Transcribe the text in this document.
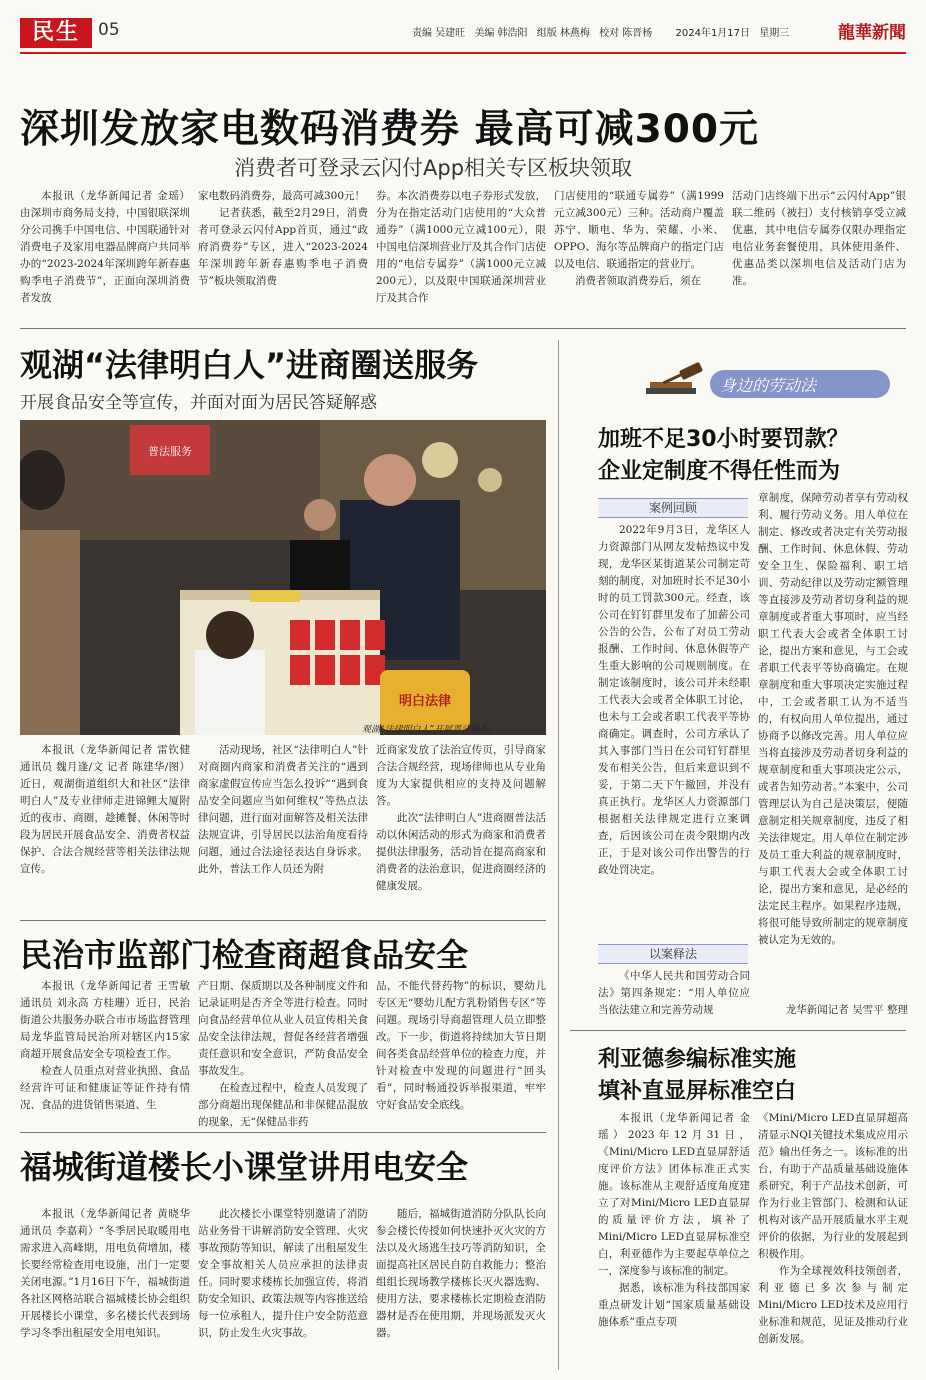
民生	05	责编 吴建旺 美编 韩浩阳 组版 林燕梅 校对 陈晋杨 2024年1月17日 星期三	龍華新聞
深圳发放家电数码消费券 最高可减300元
消费者可登录云闪付App相关专区板块领取

本报讯（龙华新闻记者 金瑶）由深圳市商务局支持，中国银联深圳分公司携手中国电信、中国联通针对消费电子及家用电器品牌商户共同举办的“2023-2024年深圳跨年新春惠购季电子消费节”，正面向深圳消费者发放

家电数码消费券，最高可减300元！

记者获悉，截至2月29日，消费者可登录云闪付App首页，通过“政府消费券”专区，进入“2023-2024年深圳跨年新春惠购季电子消费节”板块领取消费

券。本次消费券以电子券形式发放，分为在指定活动门店使用的“大众普通券”（满1000元立减100元），限中国电信深圳营业厅及其合作门店使用的“电信专属券”（满1000元立减200元），以及限中国联通深圳营业厅及其合作

门店使用的“联通专属券”（满1999元立减300元）三种。活动商户覆盖苏宁、顺电、华为、荣耀、小米、OPPO、海尔等品牌商户的指定门店以及电信、联通指定的营业厅。

消费者领取消费券后，须在

活动门店终端下出示“云闪付App”银联二维码（被扫）支付核销享受立减优惠，其中电信专属券仅限办理指定电信业务套餐使用，具体使用条件、优惠品类以深圳电信及活动门店为准。

观湖“法律明白人”进商圈送服务
开展食品安全等宣传，并面对面为居民答疑解惑
普法服务
明白法律
观湖“法律明白人”开展普法服务。

本报讯（龙华新闻记者 雷钦健 通讯员 魏月逢/文 记者 陈建华/图）近日，观湖街道组织大和社区“法律明白人”及专业律师走进锦鲤大厦附近的夜市、商圈，趁摊餐、休闲等时段为居民开展食品安全、消费者权益保护、合法合规经营等相关法律法规宣传。

活动现场，社区“法律明白人”针对商圈内商家和消费者关注的“遇到商家虚假宣传应当怎么投诉”“遇到食品安全问题应当如何维权”等热点法律问题，进行面对面解答及相关法律法规宣讲，引导居民以法治角度看待问题，通过合法途径表达自身诉求。此外，普法工作人员还为附

近商家发放了法治宣传页，引导商家合法合规经营，现场律师也从专业角度为大家提供相应的支持及问题解答。

此次“法律明白人”进商圈普法活动以休闲活动的形式为商家和消费者提供法律服务，活动旨在提高商家和消费者的法治意识，促进商圈经济的健康发展。

民治市监部门检查商超食品安全

本报讯（龙华新闻记者 王雪敏 通讯员 刘永高 方桂珊）近日，民治街道公共服务办联合市市场监督管理局龙华监管局民治所对辖区内15家商超开展食品安全专项检查工作。

检查人员重点对营业执照、食品经营许可证和健康证等证件持有情况、食品的进货销售渠道、生

产日期、保质期以及各种制度文件和记录证明是否齐全等进行检查。同时向食品经营单位从业人员宣传相关食品安全法律法规，督促各经营者增强责任意识和安全意识，严防食品安全事故发生。

在检查过程中，检查人员发现了部分商超出现保健品和非保健品混放的现象，无“保健品非药

品，不能代替药物”的标识，婴幼儿专区无“婴幼儿配方乳粉销售专区”等问题。现场引导商超管理人员立即整改。下一步，街道将持续加大节日期间各类食品经营单位的检查力度，并针对检查中发现的问题进行“回头看”，同时畅通投诉举报渠道，牢牢守好食品安全底线。

福城街道楼长小课堂讲用电安全

本报讯（龙华新闻记者 黄晓华 通讯员 李嘉莉）“冬季居民取暖用电需求进入高峰期，用电负荷增加，楼长要经常检查用电设施，出门一定要关闭电源。”1月16日下午，福城街道各社区网格站联合福城楼长协会组织开展楼长小课堂，多名楼长代表到场学习冬季出租屋安全用电知识。

此次楼长小课堂特别邀请了消防站业务骨干讲解消防安全管理、火灾事故预防等知识，解读了出租屋发生安全事故相关人员应承担的法律责任。同时要求楼栋长加强宣传，将消防安全知识、政策法规等内容推送给每一位承租人，提升住户安全防范意识，防止发生火灾事故。

随后，福城街道消防分队队长向参会楼长传授如何快速扑灭火灾的方法以及火场逃生技巧等消防知识，全面提高社区居民自防自救能力；整治组组长现场教学楼栋长灭火器选购、使用方法，要求楼栋长定期检查消防器材是否在使用期，并现场派发灭火器。

身边的劳动法
加班不足30小时要罚款？
企业定制度不得任性而为
案例回顾

2022年9月3日，龙华区人力资源部门从网友发帖热议中发现，龙华区某街道某公司制定苛刻的制度，对加班时长不足30小时的员工罚款300元。经查，该公司在钉钉群里发布了加薪公司公告的公告，公布了对员工劳动报酬、工作时间、休息休假等产生重大影响的公司规则制度。在制定该制度时，该公司并未经职工代表大会或者全体职工讨论，也未与工会或者职工代表平等协商确定。调查时，公司方承认了其入事部门当日在公司钉钉群里发布相关公告，但后来意识到不妥，于第二天下午撤回，并没有真正执行。龙华区人力资源部门根据相关法律规定进行立案调查，后因该公司在责令限期内改正，于是对该公司作出警告的行政处罚决定。

以案释法

《中华人民共和国劳动合同法》第四条规定：“用人单位应当依法建立和完善劳动规

章制度，保障劳动者享有劳动权利、履行劳动义务。用人单位在制定、修改或者决定有关劳动报酬、工作时间、休息休假、劳动安全卫生、保险福利、职工培训、劳动纪律以及劳动定额管理等直接涉及劳动者切身利益的规章制度或者重大事项时，应当经职工代表大会或者全体职工讨论，提出方案和意见，与工会或者职工代表平等协商确定。在规章制度和重大事项决定实施过程中，工会或者职工认为不适当的，有权向用人单位提出，通过协商予以修改完善。用人单位应当将直接涉及劳动者切身利益的规章制度和重大事项决定公示，或者告知劳动者。”本案中，公司管理层认为自己是决策层，便随意制定相关规章制度，违反了相关法律规定。用人单位在制定涉及员工重大利益的规章制度时，与职工代表大会或全体职工讨论，提出方案和意见，是必经的法定民主程序。如果程序违规，将很可能导致所制定的规章制度被认定为无效的。

龙华新闻记者 吴雪平 整理
利亚德参编标准实施
填补直显屏标准空白

本报讯（龙华新闻记者 金瑶）2023年12月31日，《Mini/Micro LED直显屏舒适度评价方法》团体标准正式实施。该标准从主观舒适度角度建立了对Mini/Micro LED直显屏的质量评价方法，填补了Mini/Micro LED直显屏标准空白，利亚德作为主要起草单位之一，深度参与该标准的制定。

据悉，该标准为科技部国家重点研发计划“国家质量基础设施体系”重点专项

《Mini/Micro LED直显屏超高清显示NQI关键技术集成应用示范》输出任务之一。该标准的出台，有助于产品质量基础设施体系研究，利于产品技术创新，可作为行业主管部门、检测和认证机构对该产品开展质量水平主观评价的依据，为行业的发展起到积极作用。

作为全球视效科技领创者，利亚德已多次参与制定Mini/Micro LED技术及应用行业标准和规范，见证及推动行业创新发展。
